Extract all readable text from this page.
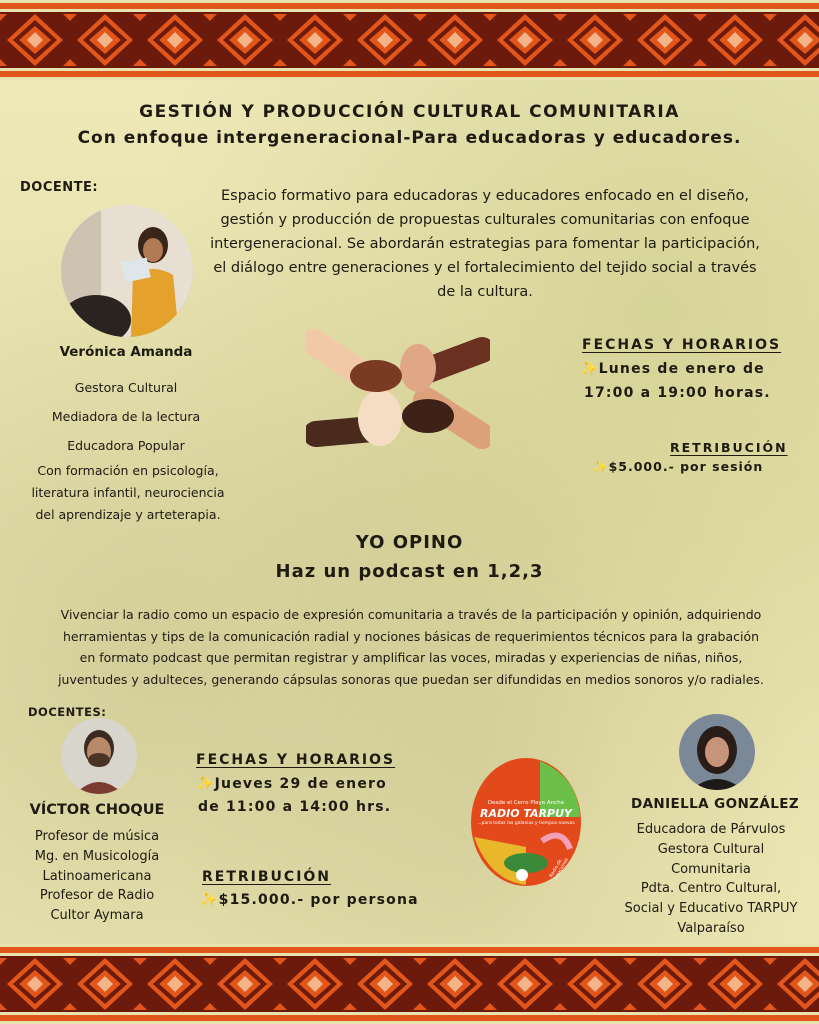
GESTIÓN Y PRODUCCIÓN CULTURAL COMUNITARIA
Con enfoque intergeneracional-Para educadoras y educadores.
DOCENTE:
Verónica Amanda
Gestora Cultural
Mediadora de la lectura
Educadora Popular
Con formación en psicología, literatura infantil, neurociencia del aprendizaje y arteterapia.
Espacio formativo para educadoras y educadores enfocado en el diseño, gestión y producción de propuestas culturales comunitarias con enfoque intergeneracional. Se abordarán estrategias para fomentar la participación, el diálogo entre generaciones y el fortalecimiento del tejido social a través de la cultura.
FECHAS Y HORARIOS
✨Lunes de enero de
17:00 a 19:00 horas.
RETRIBUCIÓN
✨$5.000.- por sesión
YO OPINO
Haz un podcast en 1,2,3
Vivenciar la radio como un espacio de expresión comunitaria a través de la participación y opinión, adquiriendo herramientas y tips de la comunicación radial y nociones básicas de requerimientos técnicos para la grabación en formato podcast que permitan registrar y amplificar las voces, miradas y experiencias de niñas, niños, juventudes y adulteces, generando cápsulas sonoras que puedan ser difundidas en medios sonoros y/o radiales.
DOCENTES:
VÍCTOR CHOQUE
Profesor de música
Mg. en Musicología
Latinoamericana
Profesor de Radio
Cultor Aymara
FECHAS Y HORARIOS
✨Jueves 29 de enero
de 11:00 a 14:00 hrs.
RETRIBUCIÓN
✨$15.000.- por persona
Desde el Cerro Playa Ancha
RADIO TARPUY
...para todas las galaxias y tiempos nuevos
Radio de creaciones
DANIELLA GONZÁLEZ
Educadora de Párvulos
Gestora Cultural
Comunitaria
Pdta. Centro Cultural,
Social y Educativo TARPUY
Valparaíso
